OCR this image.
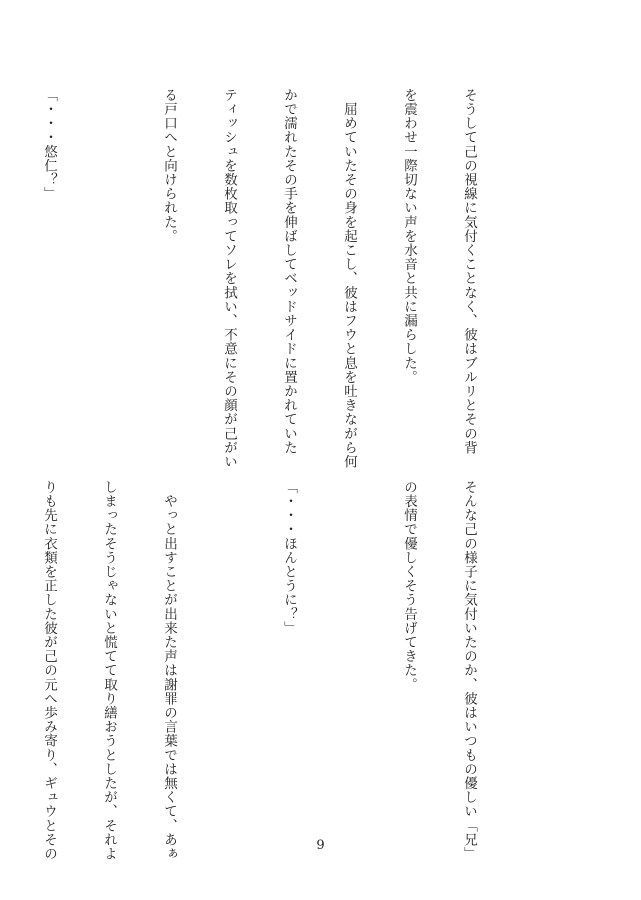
そうして己の視線に気付くことなく、彼はブルリとその背

を震わせ一際切ない声を水音と共に漏らした。

　屈めていたその身を起こし、彼はフウと息を吐きながら何

かで濡れたその手を伸ばしてベッドサイドに置かれていた

ティッシュを数枚取ってソレを拭い、不意にその顔が己がい

る戸口へと向けられた。

「・・・悠仁？」

そんな己の様子に気付いたのか、彼はいつもの優しい「兄」

の表情で優しくそう告げてきた。

「・・・ほんとうに？」

　やっと出すことが出来た声は謝罪の言葉では無くて、あぁ

しまったそうじゃないと慌てて取り繕おうとしたが、それよ

りも先に衣類を正した彼が己の元へ歩み寄り、ギュウとその

	9
